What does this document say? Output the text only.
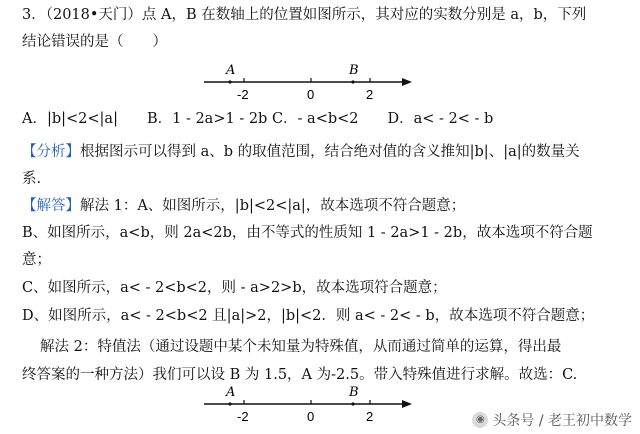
3．（2018•天门）点 A，B 在数轴上的位置如图所示，其对应的实数分别是 a，b，下列
结论错误的是（　　）
A	B
-2	0	2
A．|b|<2<|a|　　B．1 - 2a>1 - 2b C．- a<b<2　　D．a< - 2< - b
【分析】根据图示可以得到 a、b 的取值范围，结合绝对值的含义推知|b|、|a|的数量关
系.
【解答】解法 1：A、如图所示，|b|<2<|a|，故本选项不符合题意；
B、如图所示，a<b，则 2a<2b，由不等式的性质知 1 - 2a>1 - 2b，故本选项不符合题
意；
C、如图所示，a< - 2<b<2，则 - a>2>b，故本选项符合题意；
D、如图所示，a< - 2<b<2 且|a|>2，|b|<2．则 a< - 2< - b，故本选项不符合题意；
解法 2：特值法（通过设题中某个未知量为特殊值，从而通过简单的运算，得出最
终答案的一种方法）我们可以设 B 为 1.5，A 为-2.5。带入特殊值进行求解。故选：C.
A	B
-2	0	2	◉ 头条号 / 老王初中数学
